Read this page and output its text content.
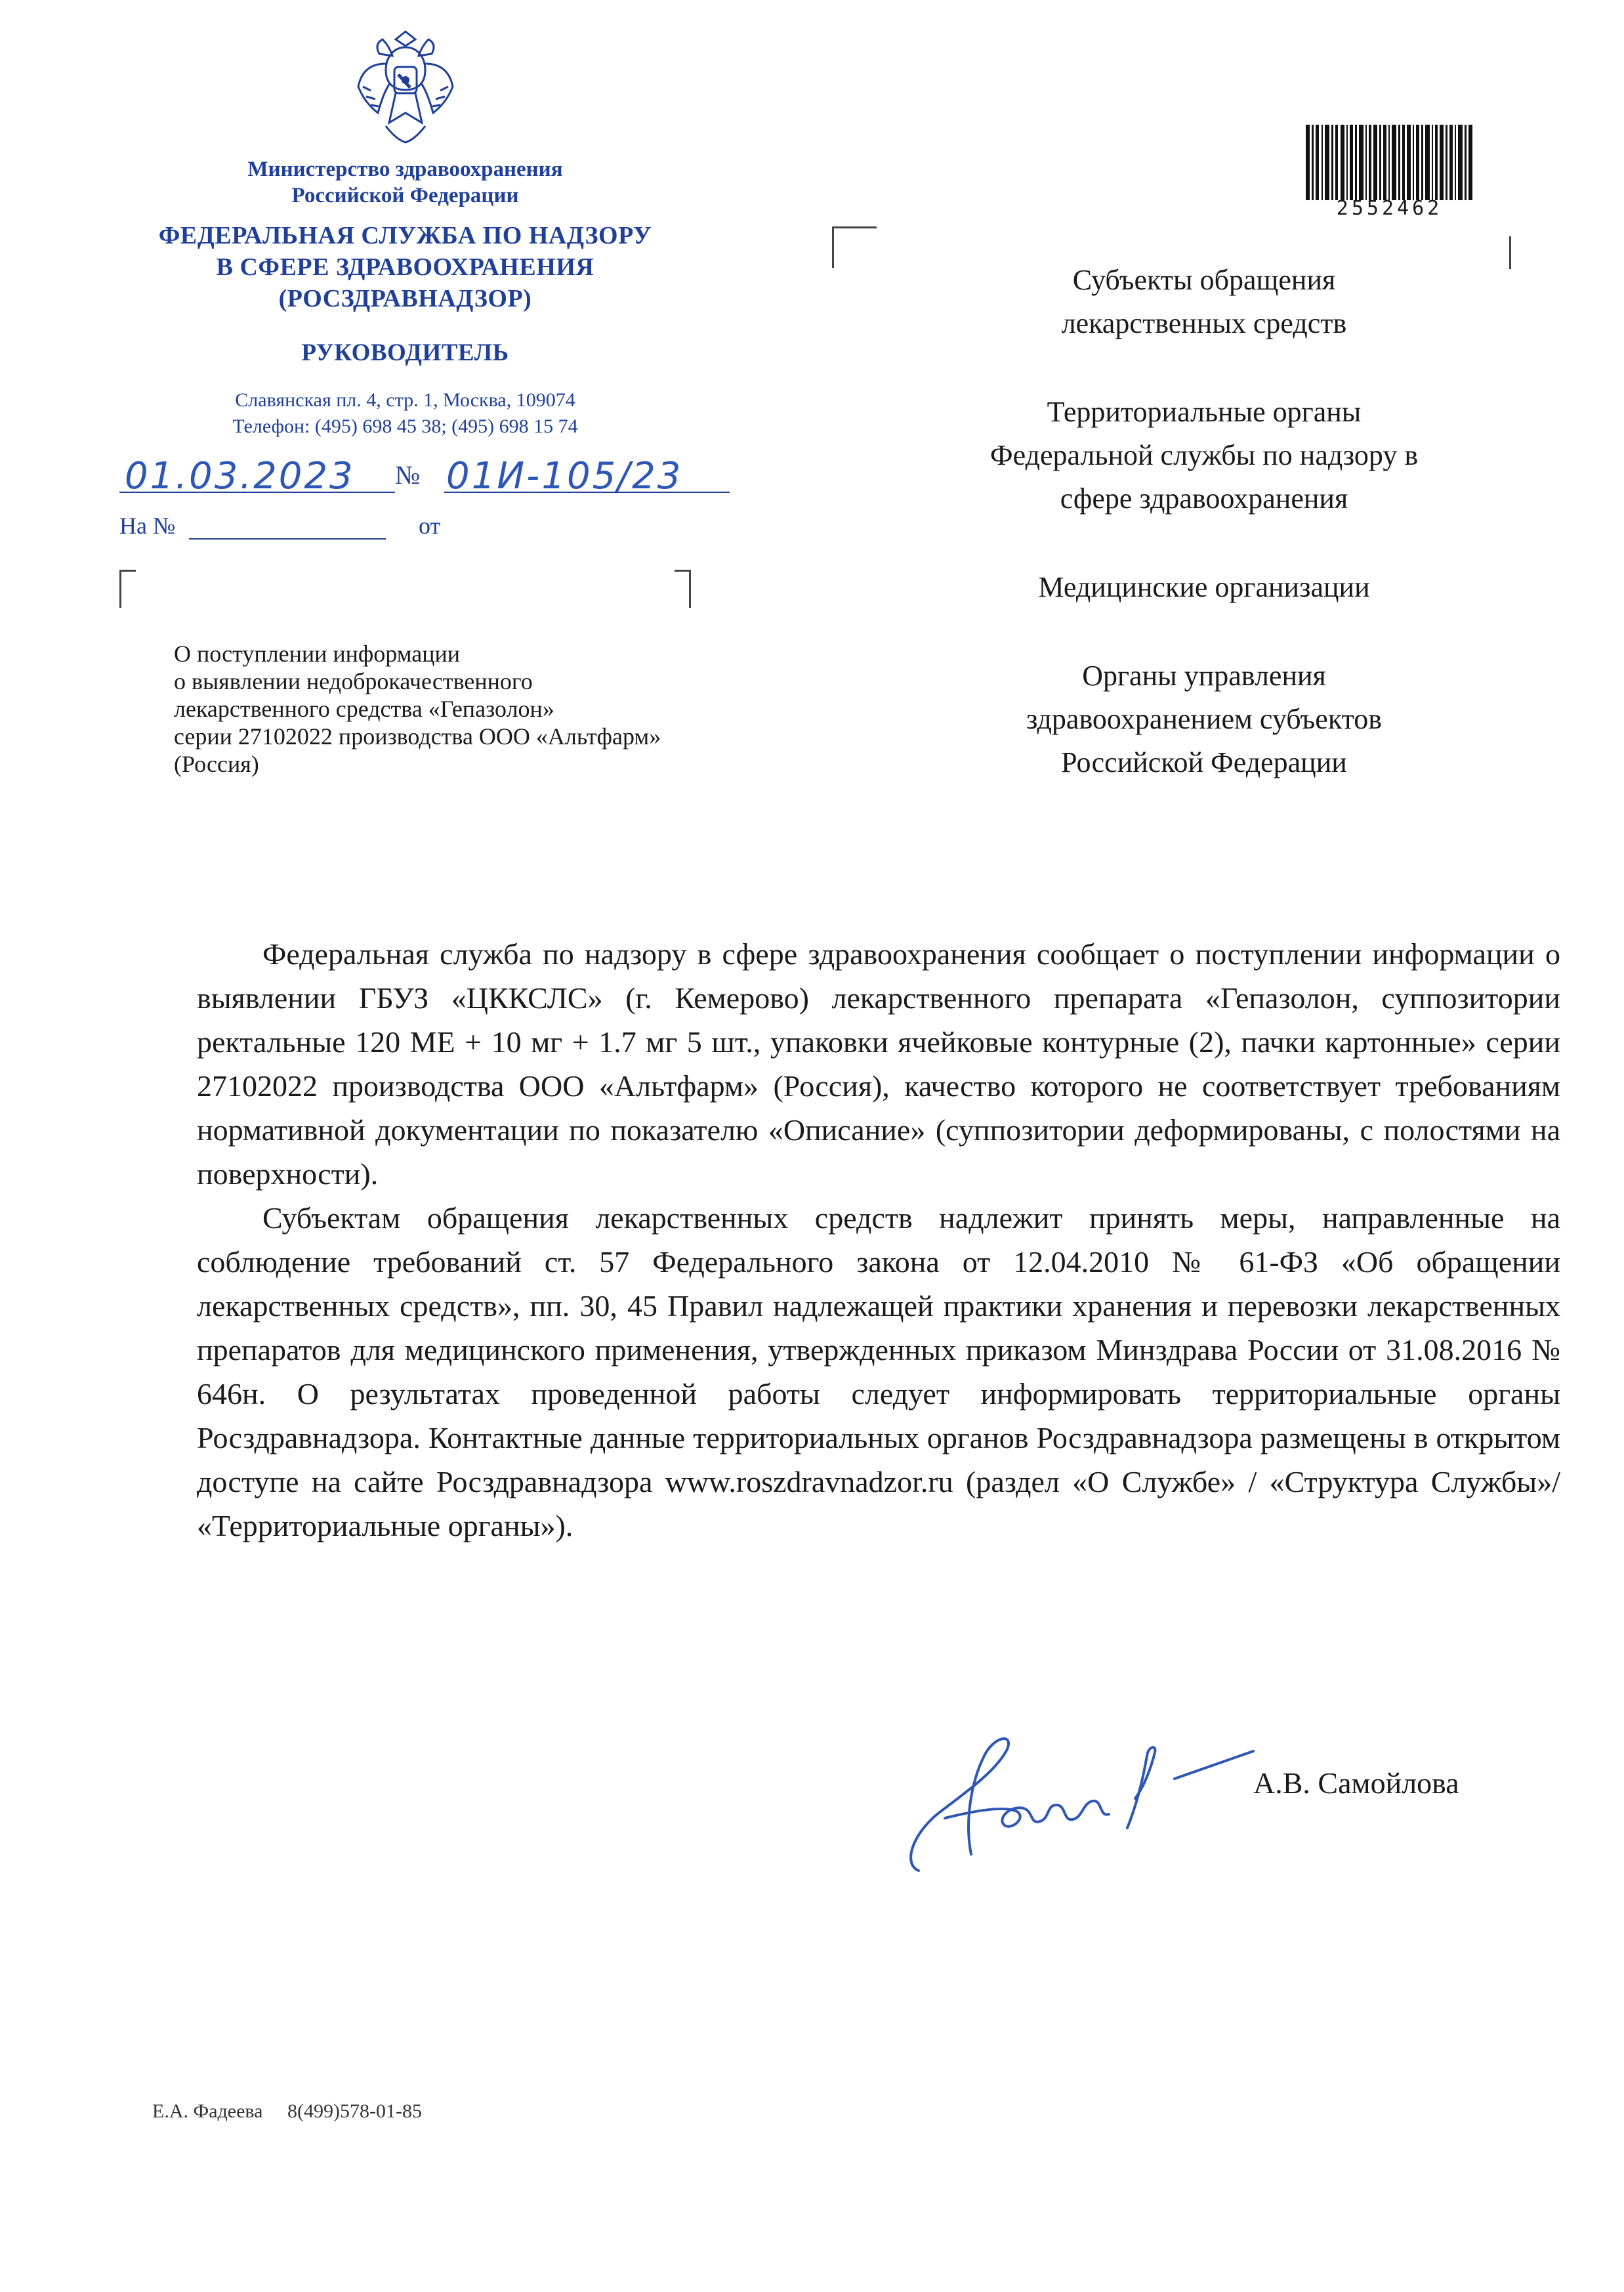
Министерство здравоохранения
Российской Федерации
ФЕДЕРАЛЬНАЯ СЛУЖБА ПО НАДЗОРУ
В СФЕРЕ ЗДРАВООХРАНЕНИЯ
(РОСЗДРАВНАДЗОР)
РУКОВОДИТЕЛЬ
Славянская пл. 4, стр. 1, Москва, 109074
Телефон: (495) 698 45 38; (495) 698 15 74
01.03.2023 № 01И-105/23
На №	от
О поступлении информации
о выявлении недоброкачественного
лекарственного средства «Гепазолон»
серии 27102022 производства ООО «Альтфарм»
(Россия)
2552462
Субъекты обращения
лекарственных средств
Территориальные органы
Федеральной службы по надзору в
сфере здравоохранения
Медицинские организации
Органы управления
здравоохранением субъектов
Российской Федерации

Федеральная служба по надзору в сфере здравоохранения сообщает о поступлении информации о выявлении ГБУЗ «ЦККСЛС» (г. Кемерово) лекарственного препарата «Гепазолон, суппозитории ректальные 120 МЕ + 10 мг + 1.7 мг 5 шт., упаковки ячейковые контурные (2), пачки картонные» серии 27102022 производства ООО «Альтфарм» (Россия), качество которого не соответствует требованиям нормативной документации по показателю «Описание» (суппозитории деформированы, с полостями на поверхности).

Субъектам обращения лекарственных средств надлежит принять меры, направленные на соблюдение требований ст. 57 Федерального закона от 12.04.2010 № 61-ФЗ «Об обращении лекарственных средств», пп. 30, 45 Правил надлежащей практики хранения и перевозки лекарственных препаратов для медицинского применения, утвержденных приказом Минздрава России от 31.08.2016 № 646н. О результатах проведенной работы следует информировать территориальные органы Росздравнадзора. Контактные данные территориальных органов Росздравнадзора размещены в открытом доступе на сайте Росздравнадзора www.roszdravnadzor.ru (раздел «О Службе» / «Структура Службы»/ «Территориальные органы»).

А.В. Самойлова
Е.А. Фадеева 8(499)578-01-85
